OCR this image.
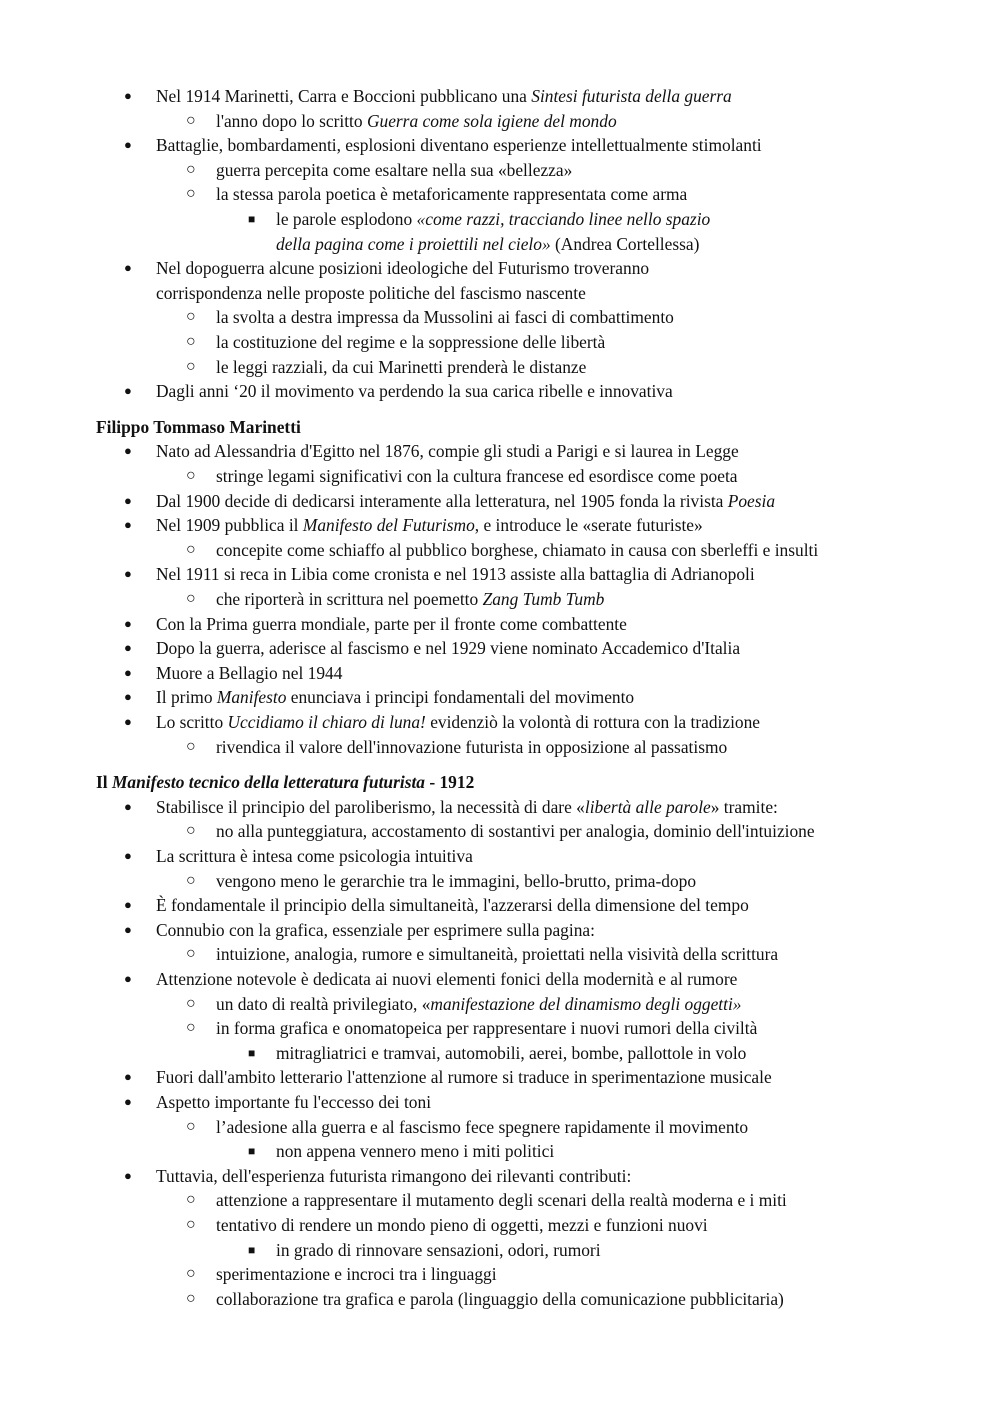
●	Nel 1914 Marinetti, Carra e Boccioni pubblicano una Sintesi futurista della guerra
○	l'anno dopo lo scritto Guerra come sola igiene del mondo
●	Battaglie, bombardamenti, esplosioni diventano esperienze intellettualmente stimolanti
○	guerra percepita come esaltare nella sua «bellezza»
○	la stessa parola poetica è metaforicamente rappresentata come arma
■	le parole esplodono «come razzi, tracciando linee nello spazio
della pagina come i proiettili nel cielo» (Andrea Cortellessa)
●	Nel dopoguerra alcune posizioni ideologiche del Futurismo troveranno
corrispondenza nelle proposte politiche del fascismo nascente
○	la svolta a destra impressa da Mussolini ai fasci di combattimento
○	la costituzione del regime e la soppressione delle libertà
○	le leggi razziali, da cui Marinetti prenderà le distanze
●	Dagli anni ‘20 il movimento va perdendo la sua carica ribelle e innovativa
Filippo Tommaso Marinetti
●	Nato ad Alessandria d'Egitto nel 1876, compie gli studi a Parigi e si laurea in Legge
○	stringe legami significativi con la cultura francese ed esordisce come poeta
●	Dal 1900 decide di dedicarsi interamente alla letteratura, nel 1905 fonda la rivista Poesia
●	Nel 1909 pubblica il Manifesto del Futurismo, e introduce le «serate futuriste»
○	concepite come schiaffo al pubblico borghese, chiamato in causa con sberleffi e insulti
●	Nel 1911 si reca in Libia come cronista e nel 1913 assiste alla battaglia di Adrianopoli
○	che riporterà in scrittura nel poemetto Zang Tumb Tumb
●	Con la Prima guerra mondiale, parte per il fronte come combattente
●	Dopo la guerra, aderisce al fascismo e nel 1929 viene nominato Accademico d'Italia
●	Muore a Bellagio nel 1944
●	Il primo Manifesto enunciava i principi fondamentali del movimento
●	Lo scritto Uccidiamo il chiaro di luna! evidenziò la volontà di rottura con la tradizione
○	rivendica il valore dell'innovazione futurista in opposizione al passatismo
Il Manifesto tecnico della letteratura futurista - 1912
●	Stabilisce il principio del paroliberismo, la necessità di dare «libertà alle parole» tramite:
○	no alla punteggiatura, accostamento di sostantivi per analogia, dominio dell'intuizione
●	La scrittura è intesa come psicologia intuitiva
○	vengono meno le gerarchie tra le immagini, bello-brutto, prima-dopo
●	È fondamentale il principio della simultaneità, l'azzerarsi della dimensione del tempo
●	Connubio con la grafica, essenziale per esprimere sulla pagina:
○	intuizione, analogia, rumore e simultaneità, proiettati nella visività della scrittura
●	Attenzione notevole è dedicata ai nuovi elementi fonici della modernità e al rumore
○	un dato di realtà privilegiato, «manifestazione del dinamismo degli oggetti»
○	in forma grafica e onomatopeica per rappresentare i nuovi rumori della civiltà
■	mitragliatrici e tramvai, automobili, aerei, bombe, pallottole in volo
●	Fuori dall'ambito letterario l'attenzione al rumore si traduce in sperimentazione musicale
●	Aspetto importante fu l'eccesso dei toni
○	l’adesione alla guerra e al fascismo fece spegnere rapidamente il movimento
■	non appena vennero meno i miti politici
●	Tuttavia, dell'esperienza futurista rimangono dei rilevanti contributi:
○	attenzione a rappresentare il mutamento degli scenari della realtà moderna e i miti
○	tentativo di rendere un mondo pieno di oggetti, mezzi e funzioni nuovi
■	in grado di rinnovare sensazioni, odori, rumori
○	sperimentazione e incroci tra i linguaggi
○	collaborazione tra grafica e parola (linguaggio della comunicazione pubblicitaria)
